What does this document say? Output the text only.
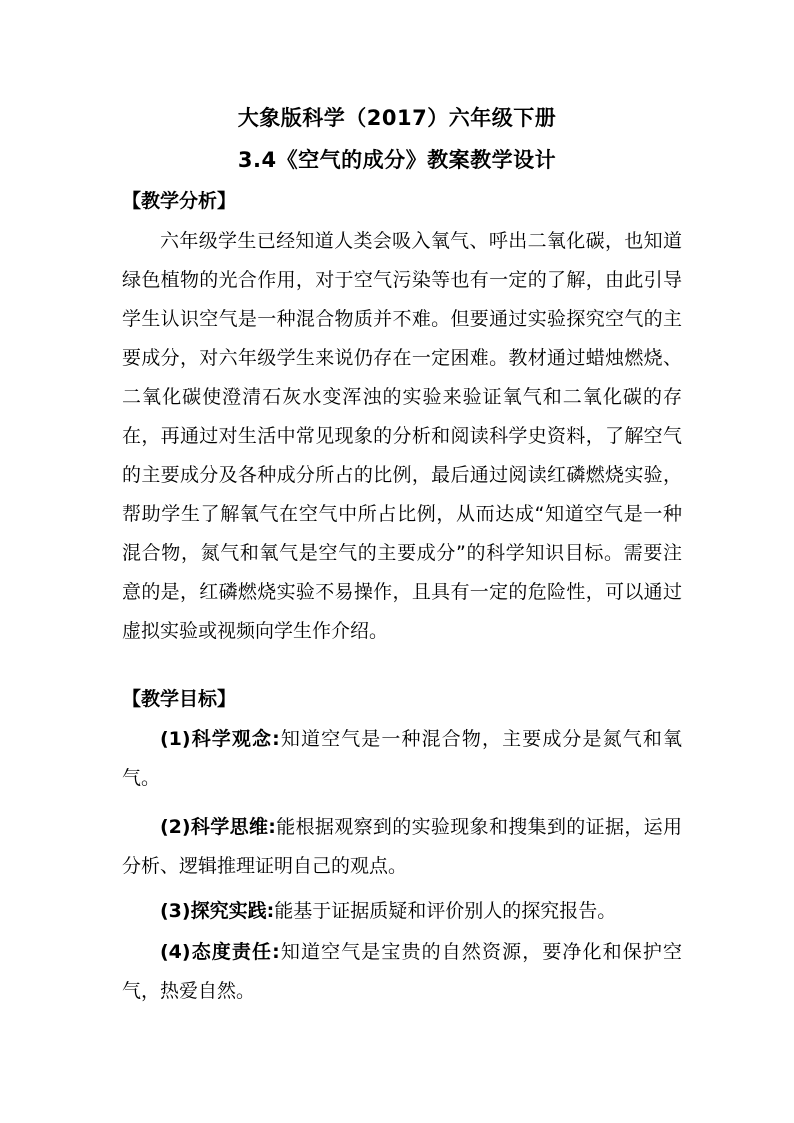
大象版科学（2017）六年级下册
3.4《空气的成分》教案教学设计
【教学分析】
六年级学生已经知道人类会吸入氧气、呼出二氧化碳，也知道绿色植物的光合作用，对于空气污染等也有一定的了解，由此引导学生认识空气是一种混合物质并不难。但要通过实验探究空气的主要成分，对六年级学生来说仍存在一定困难。教材通过蜡烛燃烧、二氧化碳使澄清石灰水变浑浊的实验来验证氧气和二氧化碳的存在，再通过对生活中常见现象的分析和阅读科学史资料，了解空气的主要成分及各种成分所占的比例，最后通过阅读红磷燃烧实验，帮助学生了解氧气在空气中所占比例，从而达成“知道空气是一种混合物，氮气和氧气是空气的主要成分”的科学知识目标。需要注意的是，红磷燃烧实验不易操作，且具有一定的危险性，可以通过虚拟实验或视频向学生作介绍。
【教学目标】
(1)科学观念:知道空气是一种混合物，主要成分是氮气和氧气。
(2)科学思维:能根据观察到的实验现象和搜集到的证据，运用分析、逻辑推理证明自己的观点。
(3)探究实践:能基于证据质疑和评价别人的探究报告。
(4)态度责任:知道空气是宝贵的自然资源，要净化和保护空气，热爱自然。
